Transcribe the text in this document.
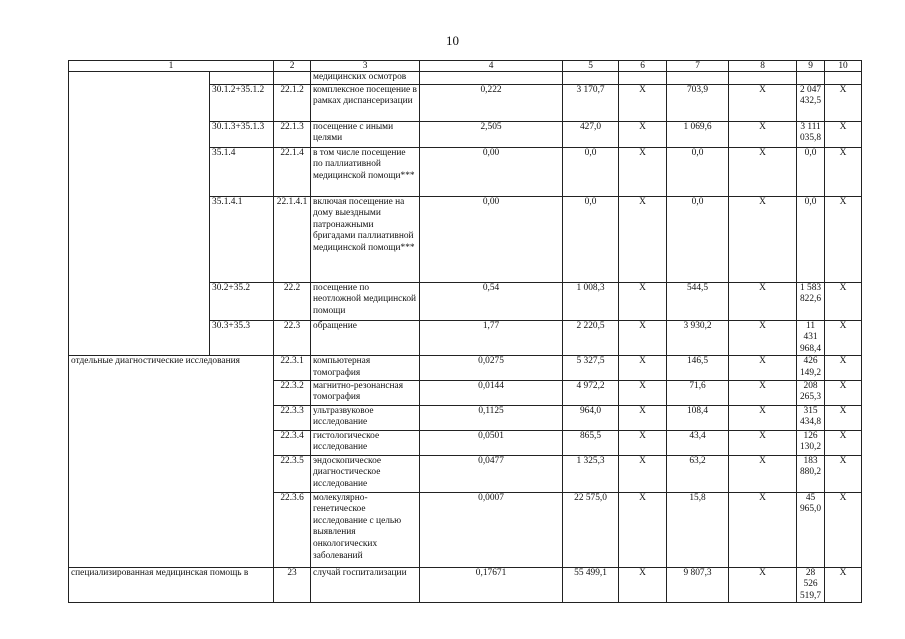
10
1		2	3	4	5	6	7	8	9	10
			медицинских осмотров							
	30.1.2+35.1.2	22.1.2	комплексное посещение в рамках диспансеризации	0,222	3 170,7	X	703,9	X	2 047 432,5	X
	30.1.3+35.1.3	22.1.3	посещение с иными целями	2,505	427,0	X	1 069,6	X	3 111 035,8	X
	35.1.4	22.1.4	в том числе посещение по паллиативной медицинской помощи***	0,00	0,0	X	0,0	X	0,0	X
	35.1.4.1	22.1.4.1	включая посещение на дому выездными патронажными бригадами паллиативной медицинской помощи***	0,00	0,0	X	0,0	X	0,0	X
	30.2+35.2	22.2	посещение по неотложной медицинской помощи	0,54	1 008,3	X	544,5	X	1 583 822,6	X
	30.3+35.3	22.3	обращение	1,77	2 220,5	X	3 930,2	X	11 431 968,4	X
отдельные диагностические исследования		22.3.1	компьютерная томография	0,0275	5 327,5	X	146,5	X	426 149,2	X
		22.3.2	магнитно-резонансная томография	0,0144	4 972,2	X	71,6	X	208 265,3	X
		22.3.3	ультразвуковое исследование	0,1125	964,0	X	108,4	X	315 434,8	X
		22.3.4	гистологическое исследование	0,0501	865,5	X	43,4	X	126 130,2	X
		22.3.5	эндоскопическое диагностическое исследование	0,0477	1 325,3	X	63,2	X	183 880,2	X
		22.3.6	молекулярно-генетическое исследование с целью выявления онкологических заболеваний	0,0007	22 575,0	X	15,8	X	45 965,0	X
специализированная медицинская помощь в		23	случай госпитализации	0,17671	55 499,1	X	9 807,3	X	28 526 519,7	X
